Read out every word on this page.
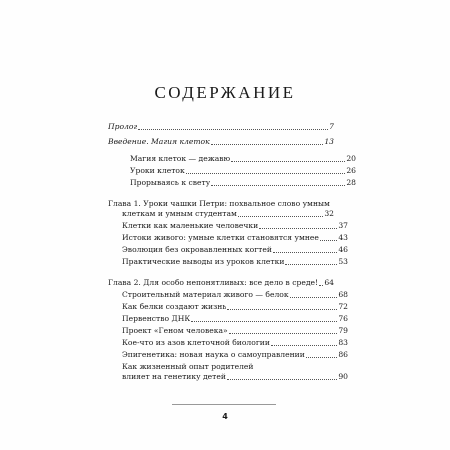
СОДЕРЖАНИЕ
Пролог	7
Введение. Магия клеток	13
Магия клеток — дежавю	20
Уроки клеток	26
Прорываясь к свету	28
Глава 1. Уроки чашки Петри: похвальное слово умным
клеткам и умным студентам	32
Клетки как маленькие человечки	37
Истоки живого: умные клетки становятся умнее	43
Эволюция без окровавленных когтей	46
Практические выводы из уроков клетки	53
Глава 2. Для особо непонятливых: все дело в среде! 64
Строительный материал живого — белок	68
Как белки создают жизнь	72
Первенство ДНК	76
Проект «Геном человека»	79
Кое-что из азов клеточной биологии	83
Эпигенетика: новая наука о самоуправлении	86
Как жизненный опыт родителей
влияет на генетику детей	90
4
